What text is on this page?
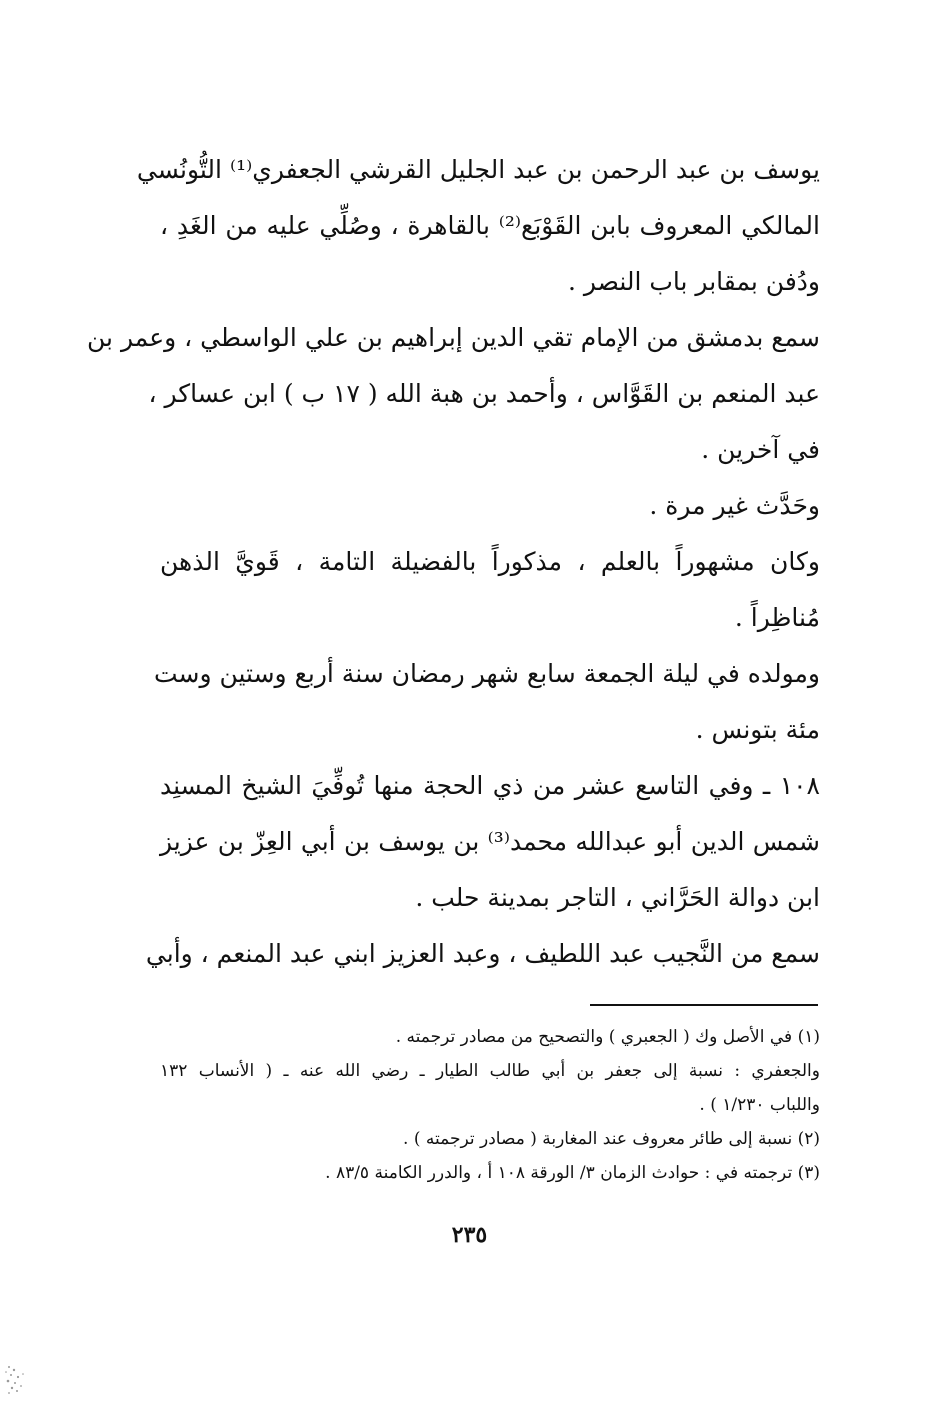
يوسف بن عبد الرحمن بن عبد الجليل القرشي الجعفري⁽¹⁾ التُّونُسي
المالكي المعروف بابن القَوْبَع⁽²⁾ بالقاهرة ، وصُلِّي عليه من الغَدِ ،
ودُفن بمقابر باب النصر .
سمع بدمشق من الإمام تقي الدين إبراهيم بن علي الواسطي ، وعمر بن
عبد المنعم بن القَوَّاس ، وأحمد بن هبة الله ( ١٧ ب ) ابن عساكر ،
في آخرين .
وحَدَّث غير مرة .
وكان مشهوراً بالعلم ، مذكوراً بالفضيلة التامة ، قَويَّ الذهن
مُناظِراً .
ومولده في ليلة الجمعة سابع شهر رمضان سنة أربع وستين وست
مئة بتونس .
١٠٨ ـ وفي التاسع عشر من ذي الحجة منها تُوفِّيَ الشيخ المسنِد
شمس الدين أبو عبدالله محمد⁽³⁾ بن يوسف بن أبي العِزّ بن عزيز
ابن دوالة الحَرَّاني ، التاجر بمدينة حلب .
سمع من النَّجيب عبد اللطيف ، وعبد العزيز ابني عبد المنعم ، وأبي
(١) في الأصل وك ( الجعبري ) والتصحيح من مصادر ترجمته .
والجعفري : نسبة إلى جعفر بن أبي طالب الطيار ـ رضي الله عنه ـ ( الأنساب ١٣٢
واللباب ١/٢٣٠ ) .
(٢) نسبة إلى طائر معروف عند المغاربة ( مصادر ترجمته ) .
(٣) ترجمته في : حوادث الزمان ٣/ الورقة ١٠٨ أ ، والدرر الكامنة ٨٣/٥ .
٢٣٥
